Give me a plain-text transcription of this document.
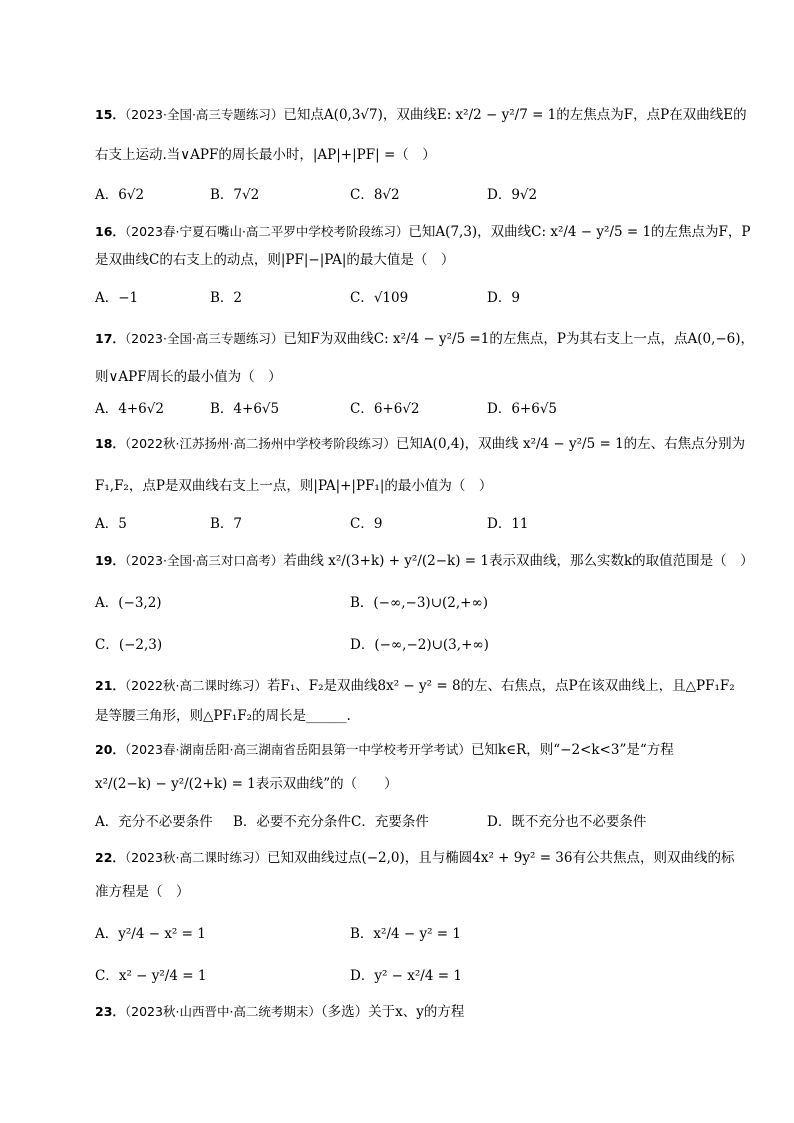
15．（2023·全国·高三专题练习）已知点A(0,3√7)，双曲线E: x²/2 − y²/7 = 1的左焦点为F，点P在双曲线E的
右支上运动.当∨APF的周长最小时，|AP|+|PF| =（　）
A．6√2	B．7√2	C．8√2	D．9√2
16．（2023春·宁夏石嘴山·高二平罗中学校考阶段练习）已知A(7,3)，双曲线C: x²/4 − y²/5 = 1的左焦点为F，P
是双曲线C的右支上的动点，则|PF|−|PA|的最大值是（　）
A．−1	B．2	C．√109	D．9
17．（2023·全国·高三专题练习）已知F为双曲线C: x²/4 − y²/5 =1的左焦点，P为其右支上一点，点A(0,−6)，
则∨APF周长的最小值为（　）
A．4+6√2	B．4+6√5	C．6+6√2	D．6+6√5
18．（2022秋·江苏扬州·高二扬州中学校考阶段练习）已知A(0,4)，双曲线 x²/4 − y²/5 = 1的左、右焦点分别为
F₁,F₂，点P是双曲线右支上一点，则|PA|+|PF₁|的最小值为（　）
A．5	B．7	C．9	D．11
19．（2023·全国·高三对口高考）若曲线 x²/(3+k) + y²/(2−k) = 1表示双曲线，那么实数k的取值范围是（　）
A．(−3,2)	B．(−∞,−3)∪(2,+∞)
C．(−2,3)	D．(−∞,−2)∪(3,+∞)
21．（2022秋·高二课时练习）若F₁、F₂是双曲线8x² − y² = 8的左、右焦点，点P在该双曲线上，且△PF₁F₂
是等腰三角形，则△PF₁F₂的周长是______.
20．（2023春·湖南岳阳·高三湖南省岳阳县第一中学校考开学考试）已知k∈R，则“−2<k<3”是“方程
x²/(2−k) − y²/(2+k) = 1表示双曲线”的（　　）
A．充分不必要条件 B．必要不充分条件 C．充要条件	D．既不充分也不必要条件
22．（2023秋·高二课时练习）已知双曲线过点(−2,0)，且与椭圆4x² + 9y² = 36有公共焦点，则双曲线的标
准方程是（　）
A．y²/4 − x² = 1	B．x²/4 − y² = 1
C．x² − y²/4 = 1	D．y² − x²/4 = 1
23．（2023秋·山西晋中·高二统考期末）（多选）关于x、y的方程
